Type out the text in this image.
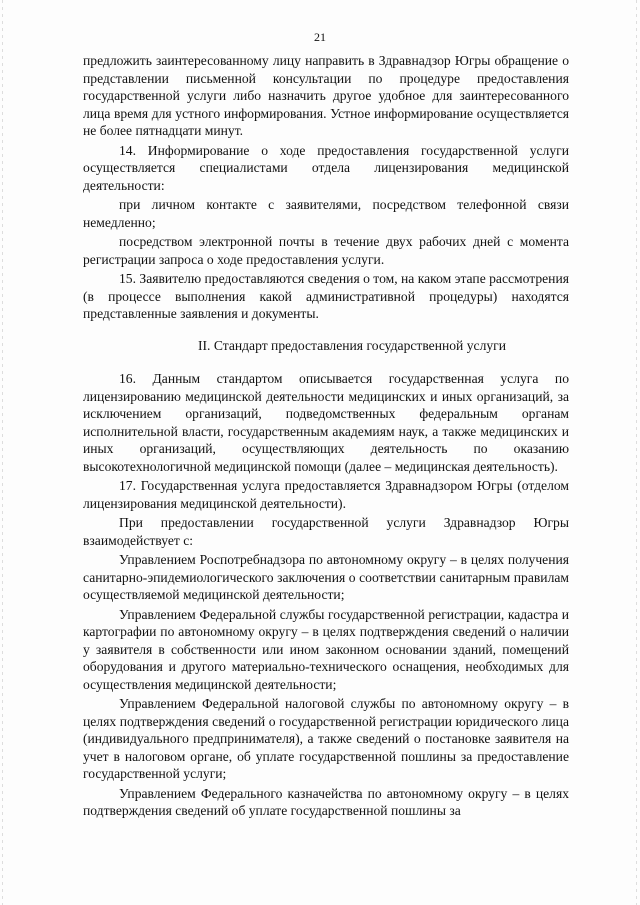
21

предложить заинтересованному лицу направить в Здравнадзор Югры обращение о представлении письменной консультации по процедуре предоставления государственной услуги либо назначить другое удобное для заинтересованного лица время для устного информирования. Устное информирование осуществляется не более пятнадцати минут.

14. Информирование о ходе предоставления государственной услуги осуществляется специалистами отдела лицензирования медицинской деятельности:

при личном контакте с заявителями, посредством телефонной связи немедленно;

посредством электронной почты в течение двух рабочих дней с момента регистрации запроса о ходе предоставления услуги.

15. Заявителю предоставляются сведения о том, на каком этапе рассмотрения (в процессе выполнения какой административной процедуры) находятся представленные заявления и документы.

II. Стандарт предоставления государственной услуги

16. Данным стандартом описывается государственная услуга по лицензированию медицинской деятельности медицинских и иных организаций, за исключением организаций, подведомственных федеральным органам исполнительной власти, государственным академиям наук, а также медицинских и иных организаций, осуществляющих деятельность по оказанию высокотехнологичной медицинской помощи (далее – медицинская деятельность).

17. Государственная услуга предоставляется Здравнадзором Югры (отделом лицензирования медицинской деятельности).

При предоставлении государственной услуги Здравнадзор Югры взаимодействует с:

Управлением Роспотребнадзора по автономному округу – в целях получения санитарно-эпидемиологического заключения о соответствии санитарным правилам осуществляемой медицинской деятельности;

Управлением Федеральной службы государственной регистрации, кадастра и картографии по автономному округу – в целях подтверждения сведений о наличии у заявителя в собственности или ином законном основании зданий, помещений оборудования и другого материально-технического оснащения, необходимых для осуществления медицинской деятельности;

Управлением Федеральной налоговой службы по автономному округу – в целях подтверждения сведений о государственной регистрации юридического лица (индивидуального предпринимателя), а также сведений о постановке заявителя на учет в налоговом органе, об уплате государственной пошлины за предоставление государственной услуги;

Управлением Федерального казначейства по автономному округу – в целях подтверждения сведений об уплате государственной пошлины за
